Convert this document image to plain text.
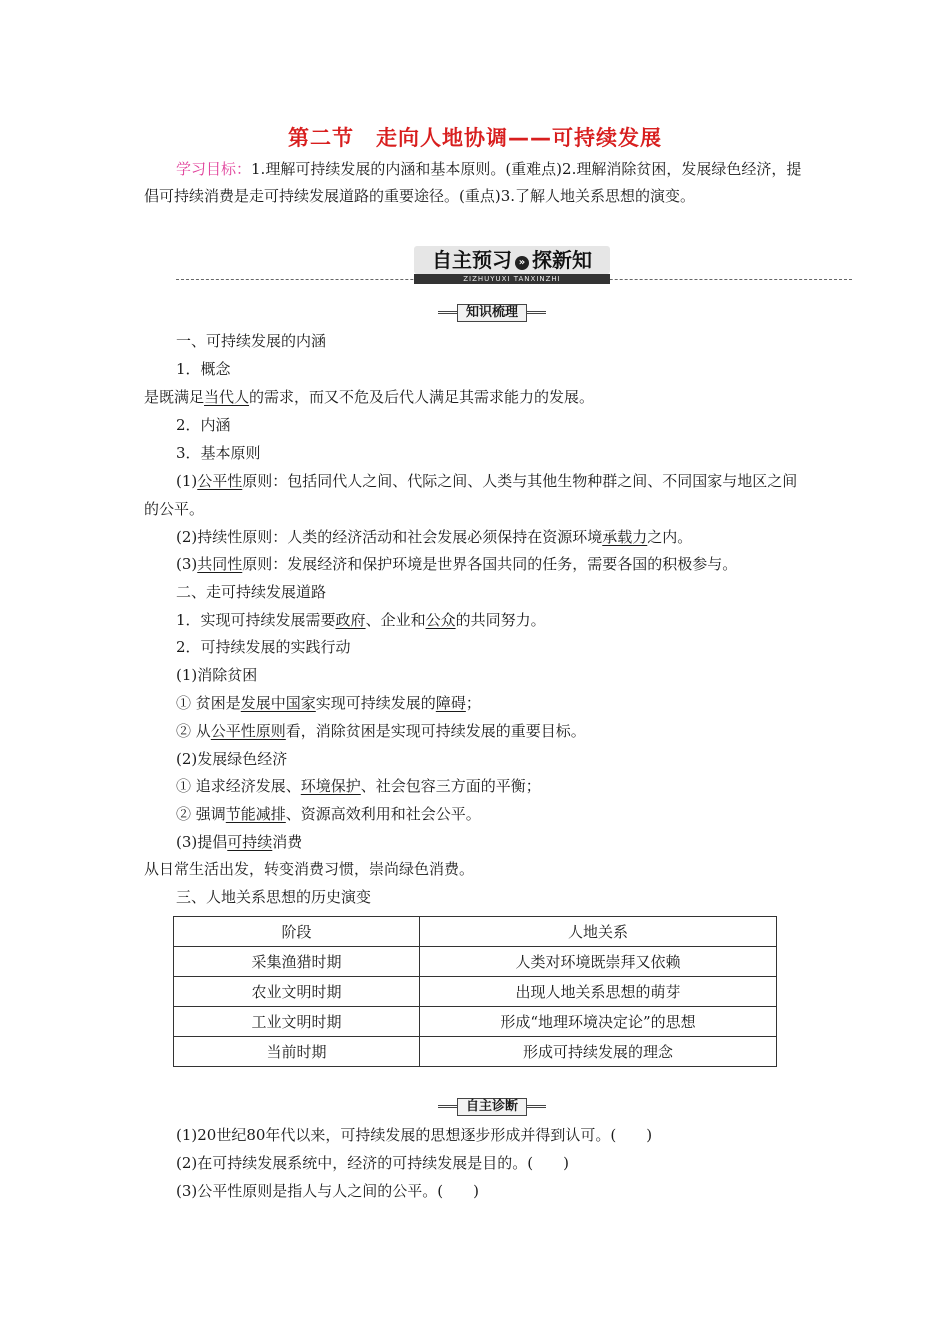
第二节　走向人地协调——可持续发展
学习目标：1.理解可持续发展的内涵和基本原则。(重难点)2.理解消除贫困，发展绿色经济，提倡可持续消费是走可持续发展道路的重要途径。(重点)3.了解人地关系思想的演变。
自主预习 » 探新知
ZIZHUYUXI TANXINZHI
知识梳理
一、可持续发展的内涵
1．概念
是既满足当代人的需求，而又不危及后代人满足其需求能力的发展。
2．内涵
3．基本原则
(1)公平性原则：包括同代人之间、代际之间、人类与其他生物种群之间、不同国家与地区之间的公平。
(2)持续性原则：人类的经济活动和社会发展必须保持在资源环境承载力之内。
(3)共同性原则：发展经济和保护环境是世界各国共同的任务，需要各国的积极参与。
二、走可持续发展道路
1．实现可持续发展需要政府、企业和公众的共同努力。
2．可持续发展的实践行动
(1)消除贫困
① 贫困是发展中国家实现可持续发展的障碍；
② 从公平性原则看，消除贫困是实现可持续发展的重要目标。
(2)发展绿色经济
① 追求经济发展、环境保护、社会包容三方面的平衡；
② 强调节能减排、资源高效利用和社会公平。
(3)提倡可持续消费
从日常生活出发，转变消费习惯，崇尚绿色消费。
三、人地关系思想的历史演变
阶段	人地关系
采集渔猎时期	人类对环境既崇拜又依赖
农业文明时期	出现人地关系思想的萌芽
工业文明时期	形成“地理环境决定论”的思想
当前时期	形成可持续发展的理念
自主诊断
(1)20世纪80年代以来，可持续发展的思想逐步形成并得到认可。(　　)
(2)在可持续发展系统中，经济的可持续发展是目的。(　　)
(3)公平性原则是指人与人之间的公平。(　　)
